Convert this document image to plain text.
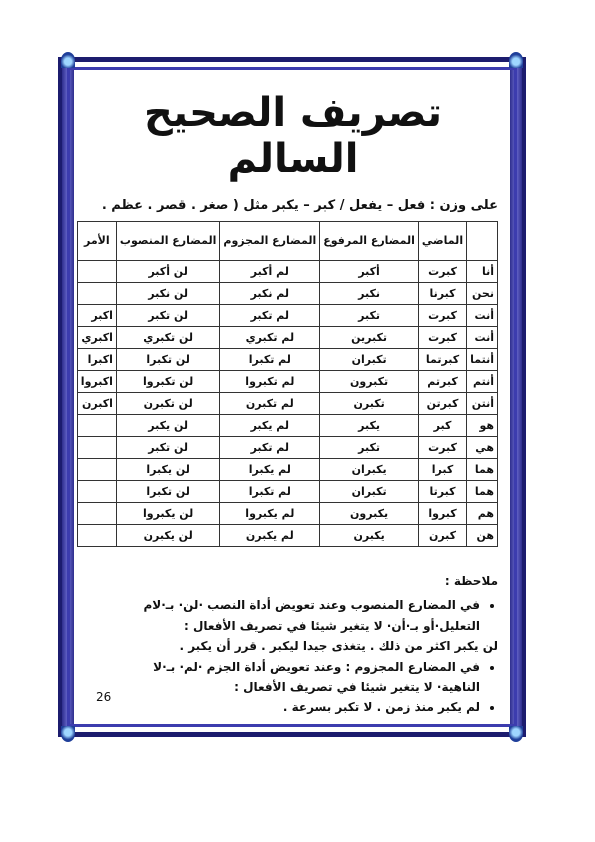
تصريف الصحيح السالم
على وزن : فعل – يفعل / كبر – يكبر مثل ( صغر . قصر . عظم .
	الماضي	المضارع المرفوع	المضارع المجزوم	المضارع المنصوب	الأمر
أنا	كبرت	أكبر	لم أكبر	لن أكبر	
نحن	كبرنا	نكبر	لم نكبر	لن نكبر	
أنت	كبرت	تكبر	لم تكبر	لن تكبر	اكبر
أنت	كبرت	تكبرين	لم تكبري	لن تكبري	اكبري
أنتما	كبرتما	تكبران	لم تكبرا	لن تكبرا	اكبرا
أنتم	كبرتم	تكبرون	لم تكبروا	لن تكبروا	اكبروا
أنتن	كبرتن	تكبرن	لم تكبرن	لن تكبرن	اكبرن
هو	كبر	يكبر	لم يكبر	لن يكبر	
هي	كبرت	تكبر	لم تكبر	لن تكبر	
هما	كبرا	يكبران	لم يكبرا	لن يكبرا	
هما	كبرتا	تكبران	لم تكبرا	لن تكبرا	
هم	كبروا	يكبرون	لم يكبروا	لن يكبروا	
هن	كبرن	يكبرن	لم يكبرن	لن يكبرن	
ملاحظة :
• في المضارع المنصوب وعند تعويض أداة النصب ·لن· بـ·لام

التعليل·أو بـ·أن· لا يتغير شيئا في تصريف الأفعال :

لن يكبر اكثر من ذلك . يتغذى جيدا ليكبر . قرر أن يكبر .

• في المضارع المجزوم : وعند تعويض أداة الجزم ·لم· بـ·لا

الناهية· لا يتغير شيئا في تصريف الأفعال :

• لم يكبر منذ زمن . لا تكبر بسرعة .
26
